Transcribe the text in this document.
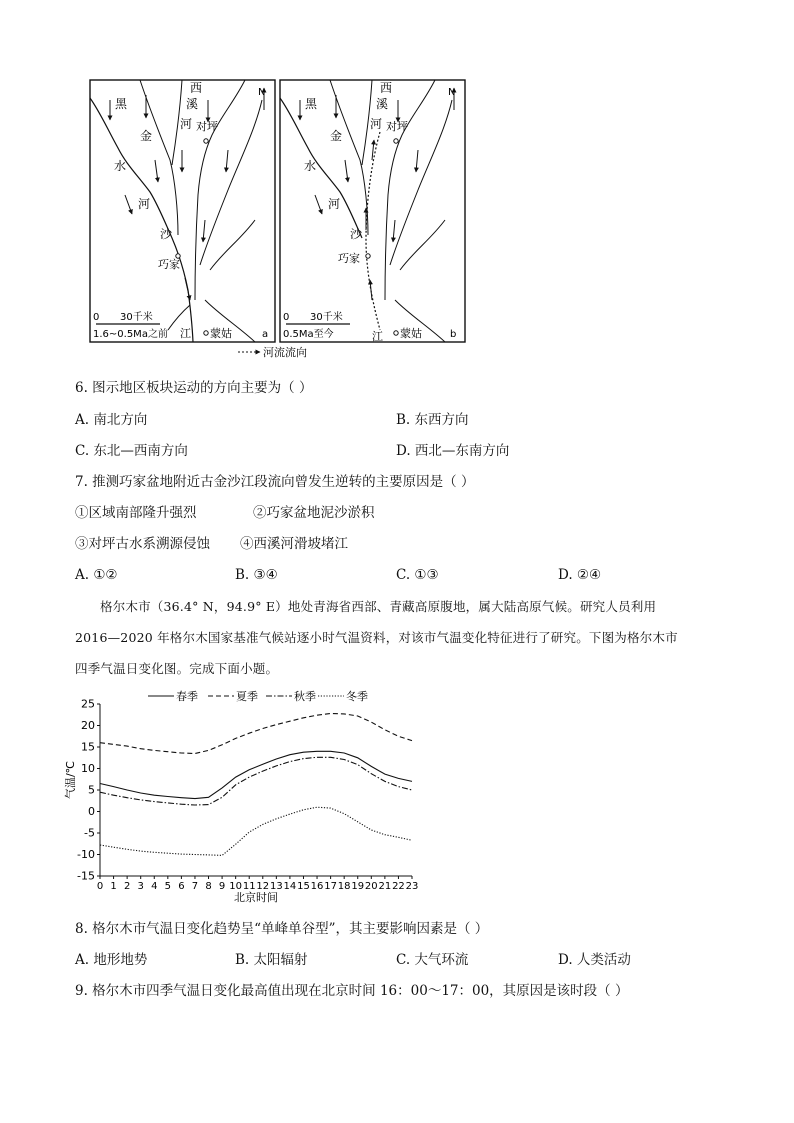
黑
金
水
河
沙
西
溪
河 对坪
巧家
江 蒙姑
N
0 30千米
1.6~0.5Ma之前	a
黑
金
水
河
沙
西
溪
河 对坪
巧家
江 蒙姑
N
0 30千米
0.5Ma至今	b
河流流向
6. 图示地区板块运动的方向主要为（ ）
A. 南北方向	B. 东西方向
C. 东北—西南方向	D. 西北—东南方向
7. 推测巧家盆地附近古金沙江段流向曾发生逆转的主要原因是（ ）
①区域南部隆升强烈	②巧家盆地泥沙淤积
③对坪古水系溯源侵蚀 ④西溪河滑坡堵江
A. ①②	B. ③④	C. ①③	D. ②④
格尔木市（36.4° N，94.9° E）地处青海省西部、青藏高原腹地，属大陆高原气候。研究人员利用
2016—2020 年格尔木国家基准气候站逐小时气温资料，对该市气温变化特征进行了研究。下图为格尔木市
四季气温日变化图。完成下面小题。
-15
-10
-5
0
5
10
15
20
25
0 1 2 3 4 5 6 7 8 9 10 11 12 13 14 15 16 17 18 19 20 21 22 23
北京时间
气温/℃
春季	夏季	秋季	冬季
8. 格尔木市气温日变化趋势呈“单峰单谷型”，其主要影响因素是（ ）
A. 地形地势	B. 太阳辐射	C. 大气环流	D. 人类活动
9. 格尔木市四季气温日变化最高值出现在北京时间 16：00～17：00，其原因是该时段（ ）
